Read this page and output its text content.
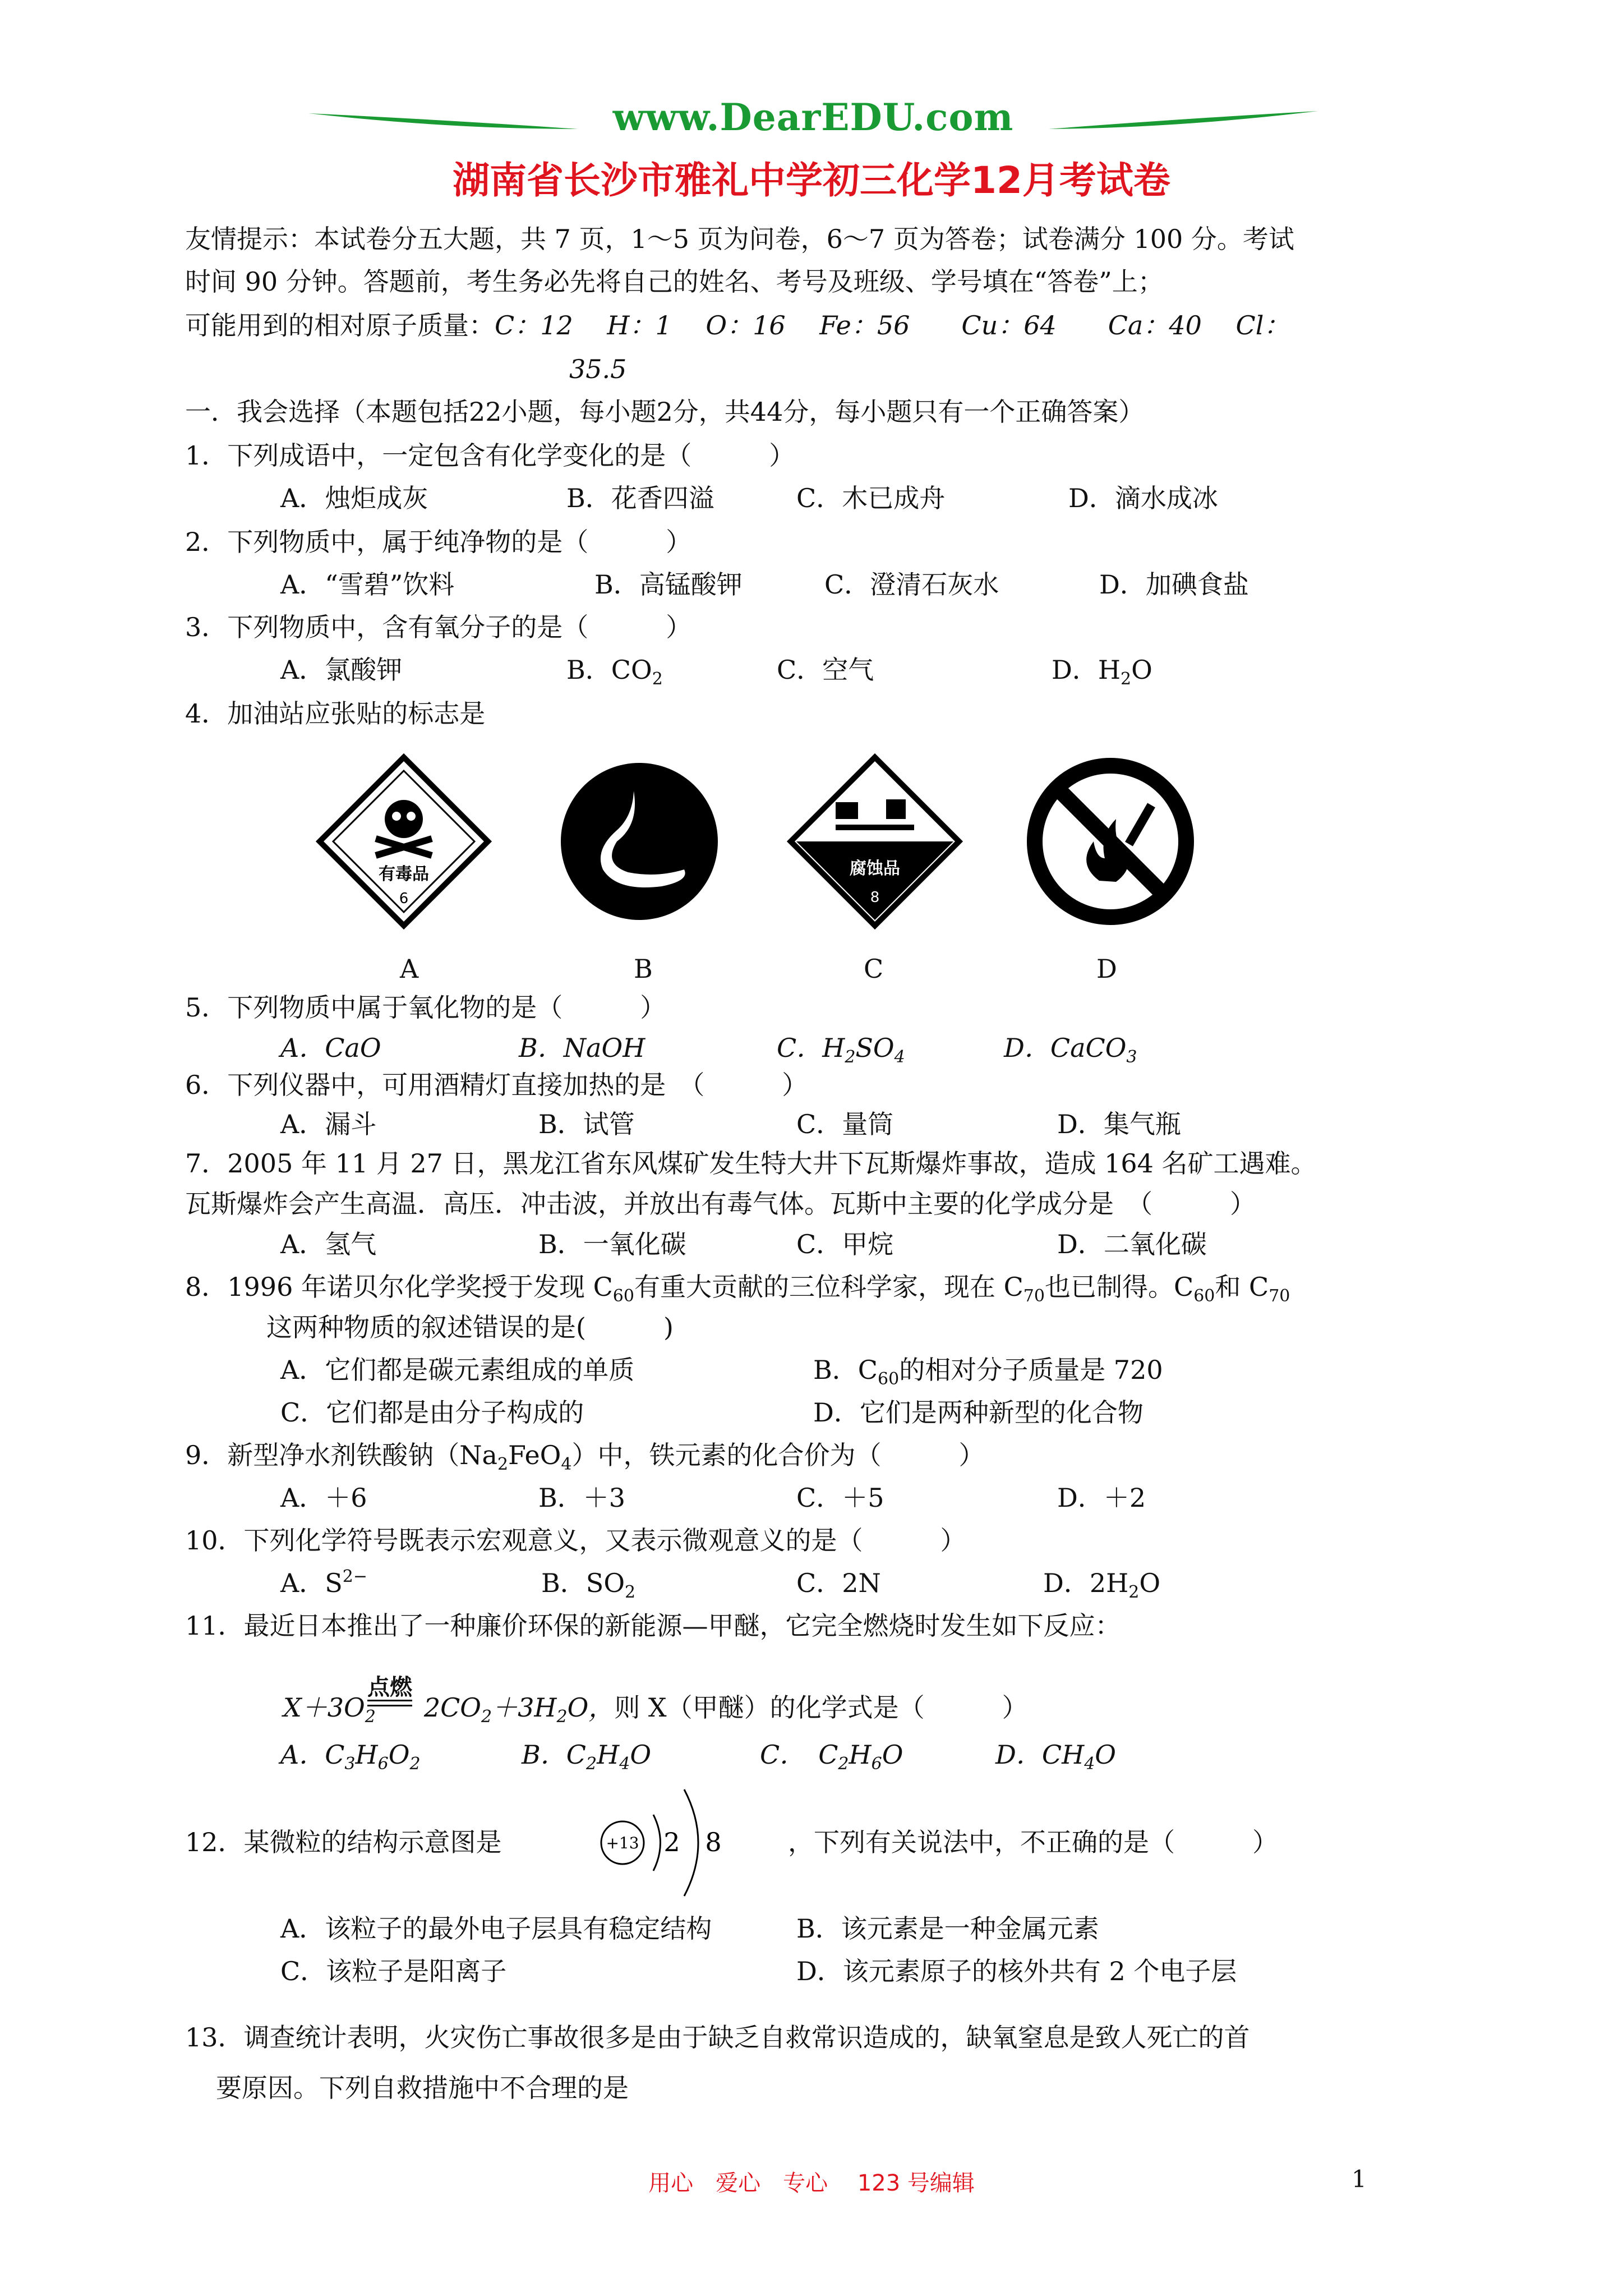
www.DearEDU.com
湖南省长沙市雅礼中学初三化学12月考试卷
友情提示：本试卷分五大题，共 7 页，1～5 页为问卷，6～7 页为答卷；试卷满分 100 分。考试
时间 90 分钟。答题前，考生务必先将自己的姓名、考号及班级、学号填在“答卷”上；
可能用到的相对原子质量：C：12　 H：1　 O：16　 Fe：56　　Cu：64　　Ca：40　 Cl：
35.5
一．我会选择（本题包括22小题，每小题2分，共44分，每小题只有一个正确答案）
1．下列成语中，一定包含有化学变化的是（　　　）
A．烛炬成灰	B．花香四溢	C．木已成舟	D．滴水成冰
2．下列物质中，属于纯净物的是（　　　）
A．“雪碧”饮料	B．高锰酸钾	C．澄清石灰水	D．加碘食盐
3．下列物质中，含有氧分子的是（　　　）
A．氯酸钾	B．$CO_2$	C．空气	D．$H_2O$
4．加油站应张贴的标志是
有毒品
6
腐蚀品
8
A	B	C	D
5．下列物质中属于氧化物的是（　　　）
A．CaO	B．NaOH	C．$H_2SO_4$	D．CaCO$_3$
6．下列仪器中，可用酒精灯直接加热的是　（　　　）
A．漏斗	B．试管	C．量筒	D．集气瓶
7．2005 年 11 月 27 日，黑龙江省东风煤矿发生特大井下瓦斯爆炸事故，造成 164 名矿工遇难。
瓦斯爆炸会产生高温．高压．冲击波，并放出有毒气体。瓦斯中主要的化学成分是　（　　　）
A．氢气	B．一氧化碳	C．甲烷	D．二氧化碳
8．1996 年诺贝尔化学奖授于发现 $C_{60}$有重大贡献的三位科学家，现在 $C_{70}$也已制得。$C_{60}$和 $C_{70}$
这两种物质的叙述错误的是(　　　)
A．它们都是碳元素组成的单质	B．$C_{60}$的相对分子质量是 720
C．它们都是由分子构成的	D．它们是两种新型的化合物
9．新型净水剂铁酸钠$(Na_2FeO_4)$中，铁元素的化合价为（　　　）
A．＋6	B．＋3	C．＋5	D．＋2
10．下列化学符号既表示宏观意义，又表示微观意义的是（　　　）
A．$S^{2-}$	B．$SO_2$	C．2N	D．$2H_2O$
11．最近日本推出了一种廉价环保的新能源—甲醚，它完全燃烧时发生如下反应：
点燃
$X+3O_2$ $2CO_2+3H_2O$，则 X（甲醚）的化学式是（　　　）
A．$C_3H_6O_2$	B．$C_2H_4O$	C．　$C_2H_6O$	D．$CH_4O$
12．某微粒的结构示意图是	+13 2 8	，下列有关说法中，不正确的是（　　　）
A．该粒子的最外电子层具有稳定结构	B．该元素是一种金属元素
C．该粒子是阳离子	D．该元素原子的核外共有 2 个电子层
13．调查统计表明，火灾伤亡事故很多是由于缺乏自救常识造成的，缺氧窒息是致人死亡的首
要原因。下列自救措施中不合理的是
用心　爱心　专心　 123 号编辑	1
